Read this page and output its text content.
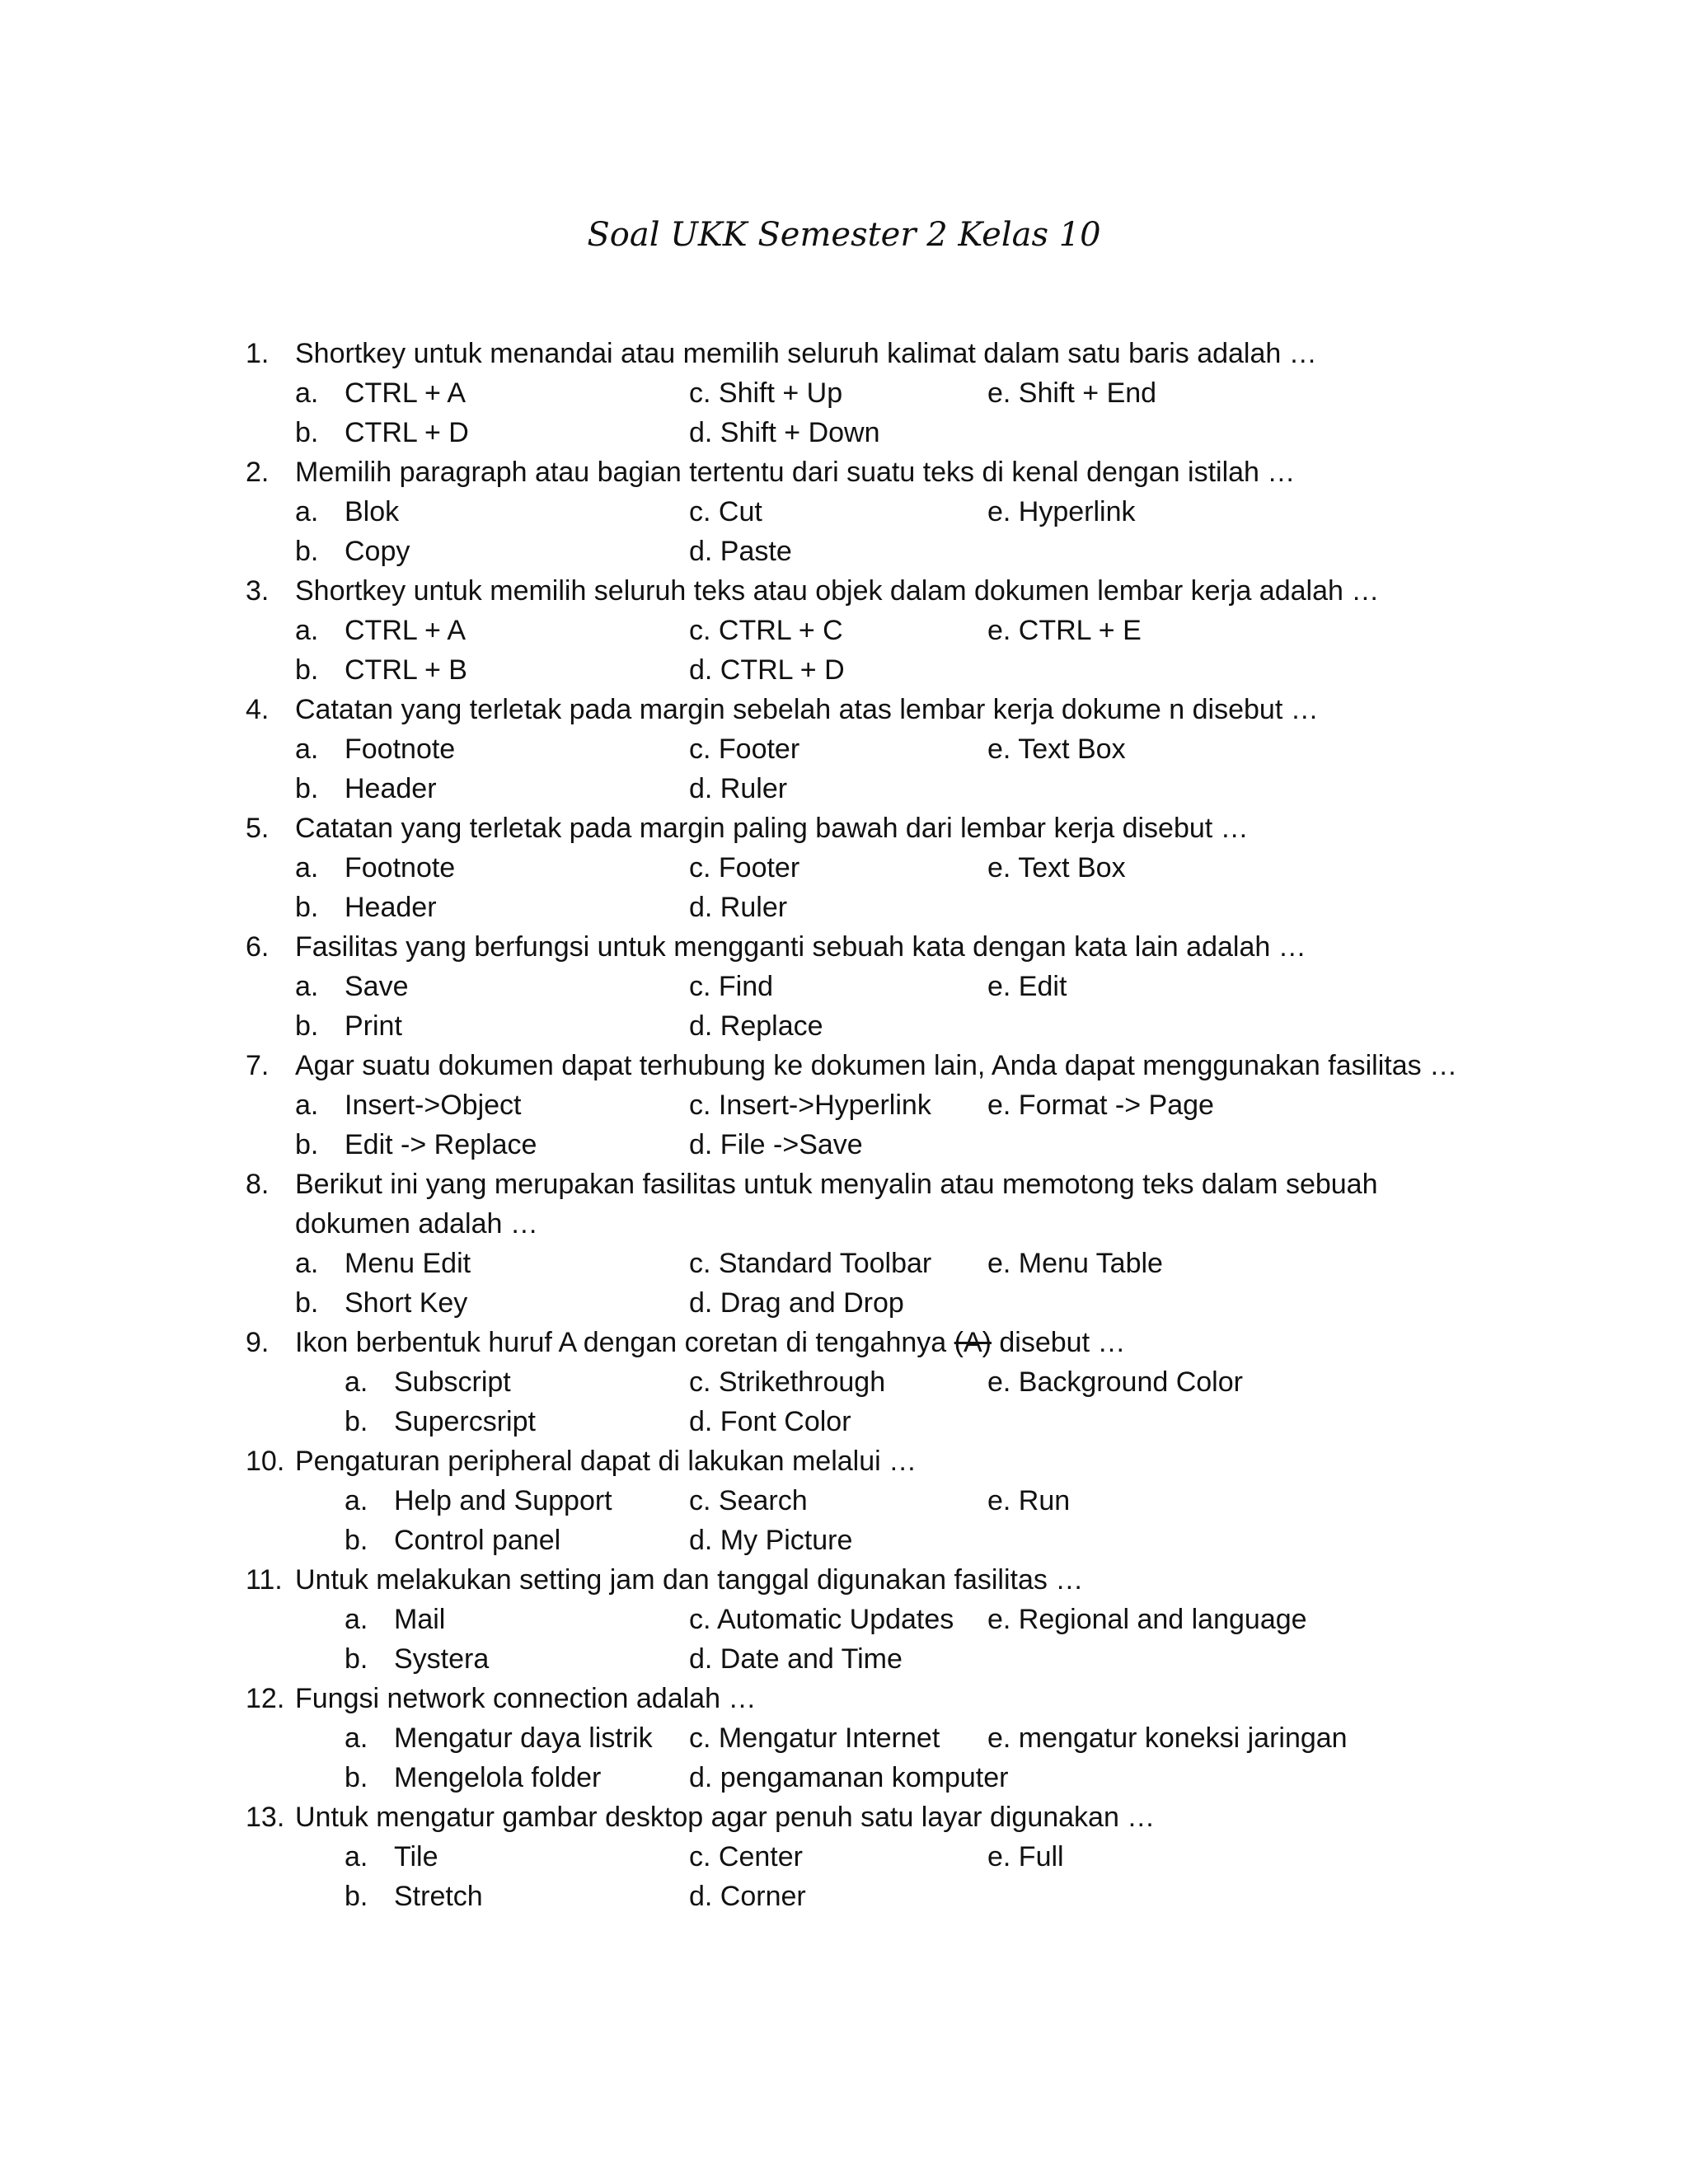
Soal UKK Semester 2 Kelas 10
1. Shortkey untuk menandai atau memilih seluruh kalimat dalam satu baris adalah …
a. CTRL + A	c. Shift + Up	e. Shift + End
b. CTRL + D	d. Shift + Down
2. Memilih paragraph atau bagian tertentu dari suatu teks di kenal dengan istilah …
a. Blok	c. Cut	e. Hyperlink
b. Copy	d. Paste
3. Shortkey untuk memilih seluruh teks atau objek dalam dokumen lembar kerja adalah …
a. CTRL + A	c. CTRL + C	e. CTRL + E
b. CTRL + B	d. CTRL + D
4. Catatan yang terletak pada margin sebelah atas lembar kerja dokume n disebut …
a. Footnote	c. Footer	e. Text Box
b. Header	d. Ruler
5. Catatan yang terletak pada margin paling bawah dari lembar kerja disebut …
a. Footnote	c. Footer	e. Text Box
b. Header	d. Ruler
6. Fasilitas yang berfungsi untuk mengganti sebuah kata dengan kata lain adalah …
a. Save	c. Find	e. Edit
b. Print	d. Replace
7. Agar suatu dokumen dapat terhubung ke dokumen lain, Anda dapat menggunakan fasilitas …
a. Insert->Object	c. Insert->Hyperlink e. Format -> Page
b. Edit -> Replace	d. File ->Save
8. Berikut ini yang merupakan fasilitas untuk menyalin atau memotong teks dalam sebuah
dokumen adalah …
a. Menu Edit	c. Standard Toolbar e. Menu Table
b. Short Key	d. Drag and Drop
9. Ikon berbentuk huruf A dengan coretan di tengahnya (A) disebut …
a. Subscript	c. Strikethrough	e. Background Color
b. Supercsript	d. Font Color
10. Pengaturan peripheral dapat di lakukan melalui …
a. Help and Support	c. Search	e. Run
b. Control panel	d. My Picture
11. Untuk melakukan setting jam dan tanggal digunakan fasilitas …
a. Mail	c. Automatic Updates e. Regional and language
b. Systera	d. Date and Time
12. Fungsi network connection adalah …
a. Mengatur daya listrik c. Mengatur Internet e. mengatur koneksi jaringan
b. Mengelola folder	d. pengamanan komputer
13. Untuk mengatur gambar desktop agar penuh satu layar digunakan …
a. Tile	c. Center	e. Full
b. Stretch	d. Corner
